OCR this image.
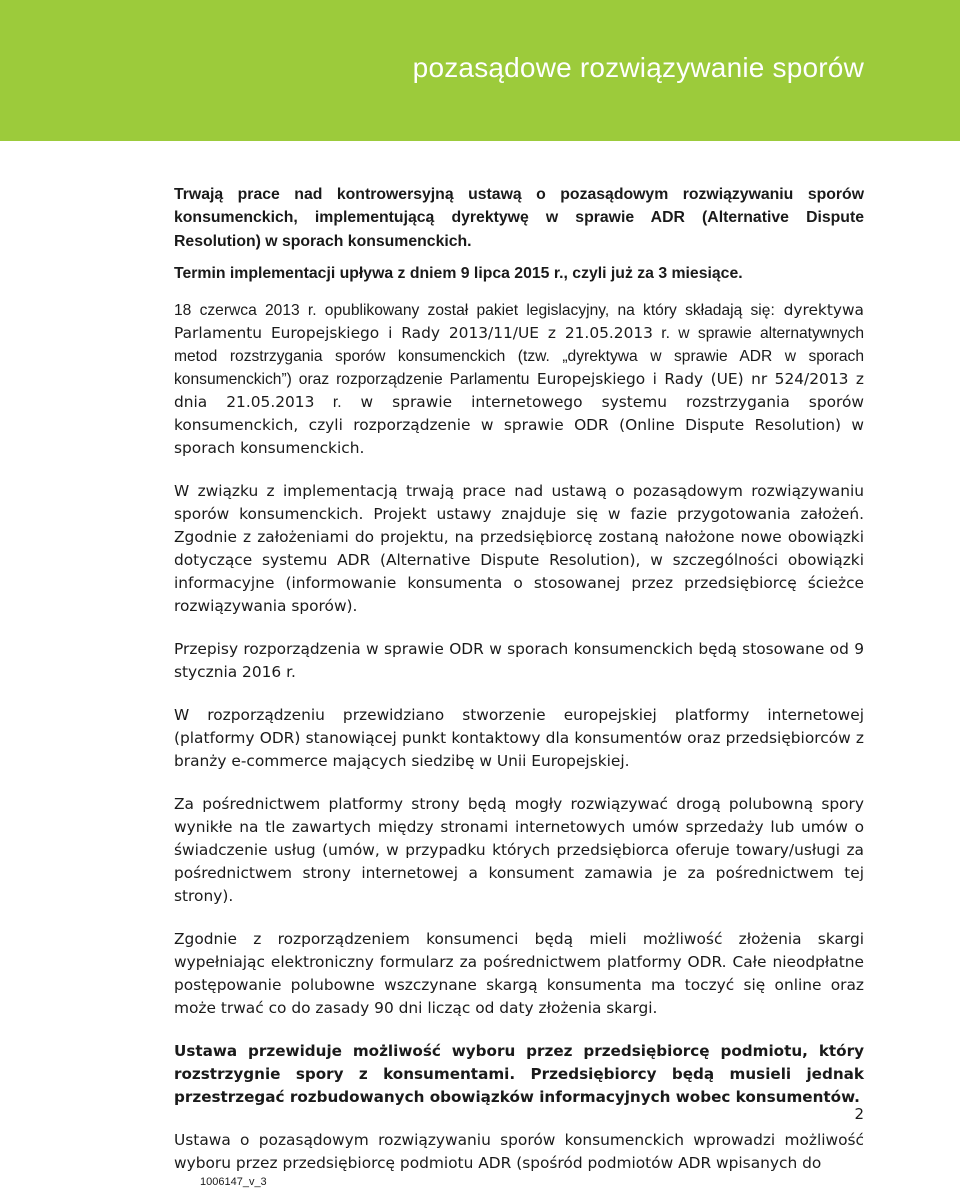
pozasądowe rozwiązywanie sporów

Trwają prace nad kontrowersyjną ustawą o pozasądowym rozwiązywaniu sporów konsumenckich, implementującą dyrektywę w sprawie ADR (Alternative Dispute Resolution) w sporach konsumenckich.
Termin implementacji upływa z dniem 9 lipca 2015 r., czyli już za 3 miesiące.

18 czerwca 2013 r. opublikowany został pakiet legislacyjny, na który składają się: dyrektywa Parlamentu Europejskiego i Rady 2013/11/UE z 21.05.2013 r. w sprawie alternatywnych metod rozstrzygania sporów konsumenckich (tzw. „dyrektywa w sprawie ADR w sporach konsumenckich”) oraz rozporządzenie Parlamentu Europejskiego i Rady (UE) nr 524/2013 z dnia 21.05.2013 r. w sprawie internetowego systemu rozstrzygania sporów konsumenckich, czyli rozporządzenie w sprawie ODR (Online Dispute Resolution) w sporach konsumenckich.

W związku z implementacją trwają prace nad ustawą o pozasądowym rozwiązywaniu sporów konsumenckich. Projekt ustawy znajduje się w fazie przygotowania założeń. Zgodnie z założeniami do projektu, na przedsiębiorcę zostaną nałożone nowe obowiązki dotyczące systemu ADR (Alternative Dispute Resolution), w szczególności obowiązki informacyjne (informowanie konsumenta o stosowanej przez przedsiębiorcę ścieżce rozwiązywania sporów).

Przepisy rozporządzenia w sprawie ODR w sporach konsumenckich będą stosowane od 9 stycznia 2016 r.

W rozporządzeniu przewidziano stworzenie europejskiej platformy internetowej (platformy ODR) stanowiącej punkt kontaktowy dla konsumentów oraz przedsiębiorców z branży e-commerce mających siedzibę w Unii Europejskiej.

Za pośrednictwem platformy strony będą mogły rozwiązywać drogą polubowną spory wynikłe na tle zawartych między stronami internetowych umów sprzedaży lub umów o świadczenie usług (umów, w przypadku których przedsiębiorca oferuje towary/usługi za pośrednictwem strony internetowej a konsument zamawia je za pośrednictwem tej strony).

Zgodnie z rozporządzeniem konsumenci będą mieli możliwość złożenia skargi wypełniając elektroniczny formularz za pośrednictwem platformy ODR. Całe nieodpłatne postępowanie polubowne wszczynane skargą konsumenta ma toczyć się online oraz może trwać co do zasady 90 dni licząc od daty złożenia skargi.

Ustawa przewiduje możliwość wyboru przez przedsiębiorcę podmiotu, który rozstrzygnie spory z konsumentami. Przedsiębiorcy będą musieli jednak przestrzegać rozbudowanych obowiązków informacyjnych wobec konsumentów.

Ustawa o pozasądowym rozwiązywaniu sporów konsumenckich wprowadzi możliwość wyboru przez przedsiębiorcę podmiotu ADR (spośród podmiotów ADR wpisanych do

2
1006147_v_3
